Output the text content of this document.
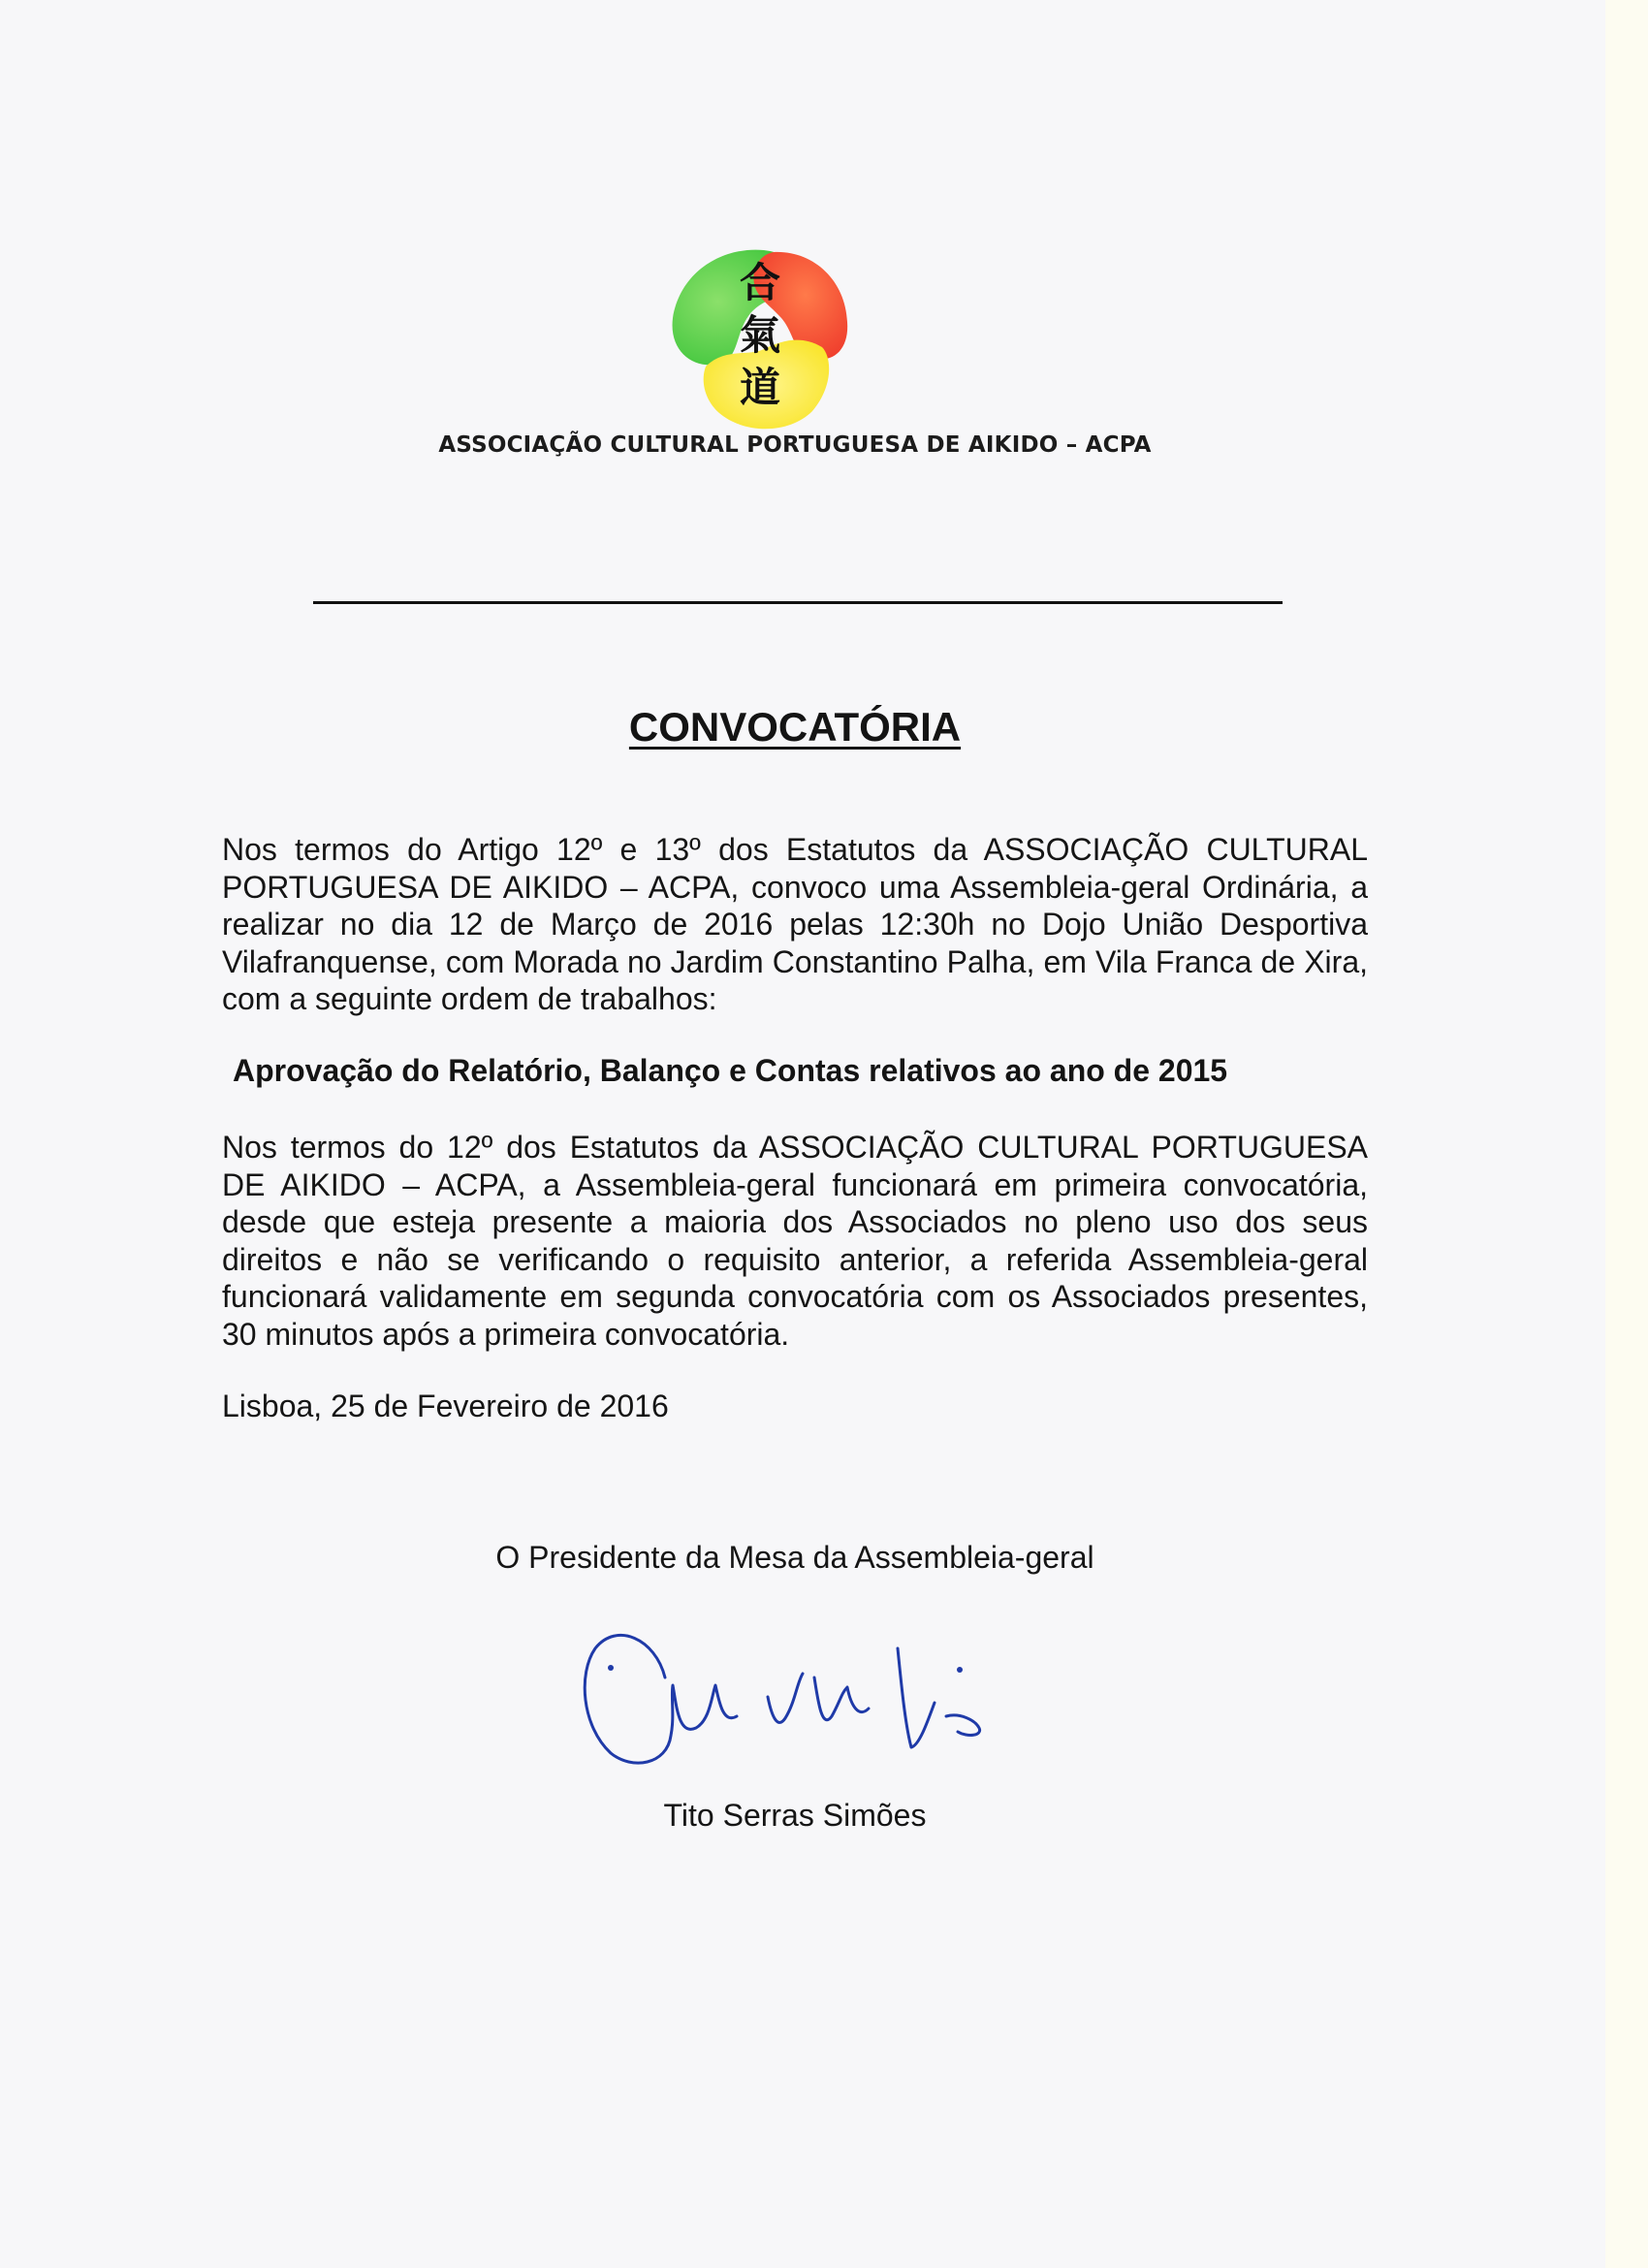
合
氣
道
ASSOCIAÇÃO CULTURAL PORTUGUESA DE AIKIDO – ACPA
CONVOCATÓRIA
Nos termos do Artigo 12º e 13º dos Estatutos da ASSOCIAÇÃO CULTURAL PORTUGUESA DE AIKIDO – ACPA, convoco uma Assembleia-geral Ordinária, a realizar no dia 12 de Março de 2016 pelas 12:30h no Dojo União Desportiva Vilafranquense, com Morada no Jardim Constantino Palha, em Vila Franca de Xira, com a seguinte ordem de trabalhos:
Aprovação do Relatório, Balanço e Contas relativos ao ano de 2015
Nos termos do 12º dos Estatutos da ASSOCIAÇÃO CULTURAL PORTUGUESA DE AIKIDO – ACPA, a Assembleia-geral funcionará em primeira convocatória, desde que esteja presente a maioria dos Associados no pleno uso dos seus direitos e não se verificando o requisito anterior, a referida Assembleia-geral funcionará validamente em segunda convocatória com os Associados presentes, 30 minutos após a primeira convocatória.
Lisboa, 25 de Fevereiro de 2016
O Presidente da Mesa da Assembleia-geral
Tito Serras Simões
